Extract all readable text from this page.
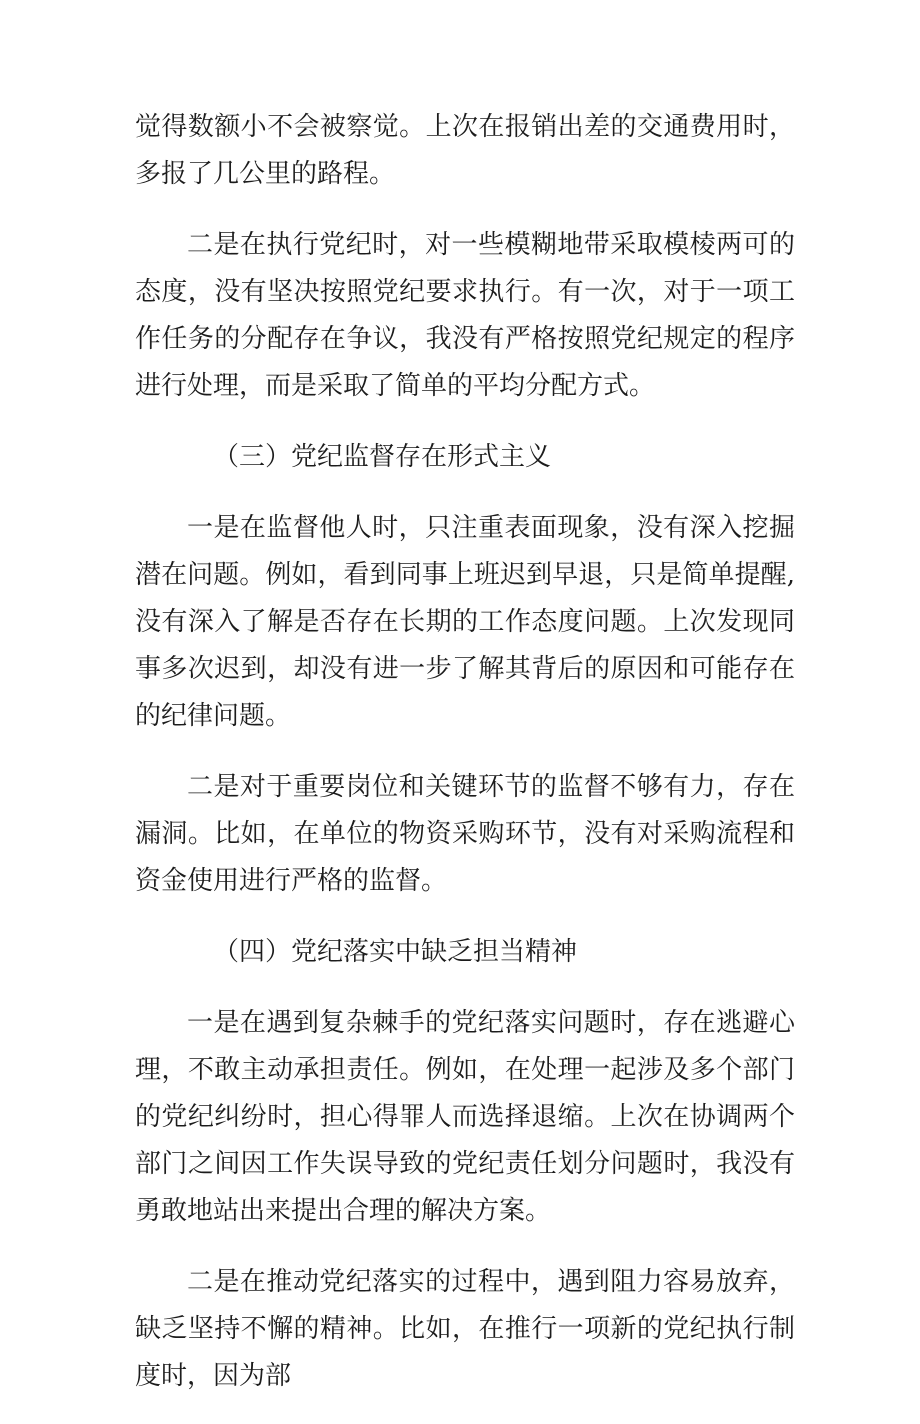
觉得数额小不会被察觉。上次在报销出差的交通费用时，多报了几公里的路程。

二是在执行党纪时，对一些模糊地带采取模棱两可的态度，没有坚决按照党纪要求执行。有一次，对于一项工作任务的分配存在争议，我没有严格按照党纪规定的程序进行处理，而是采取了简单的平均分配方式。

（三）党纪监督存在形式主义

一是在监督他人时，只注重表面现象，没有深入挖掘潜在问题。例如，看到同事上班迟到早退，只是简单提醒,没有深入了解是否存在长期的工作态度问题。上次发现同事多次迟到，却没有进一步了解其背后的原因和可能存在的纪律问题。

二是对于重要岗位和关键环节的监督不够有力，存在漏洞。比如，在单位的物资采购环节，没有对采购流程和资金使用进行严格的监督。

（四）党纪落实中缺乏担当精神

一是在遇到复杂棘手的党纪落实问题时，存在逃避心理，不敢主动承担责任。例如，在处理一起涉及多个部门的党纪纠纷时，担心得罪人而选择退缩。上次在协调两个部门之间因工作失误导致的党纪责任划分问题时，我没有勇敢地站出来提出合理的解决方案。

二是在推动党纪落实的过程中，遇到阻力容易放弃，缺乏坚持不懈的精神。比如，在推行一项新的党纪执行制度时，因为部
